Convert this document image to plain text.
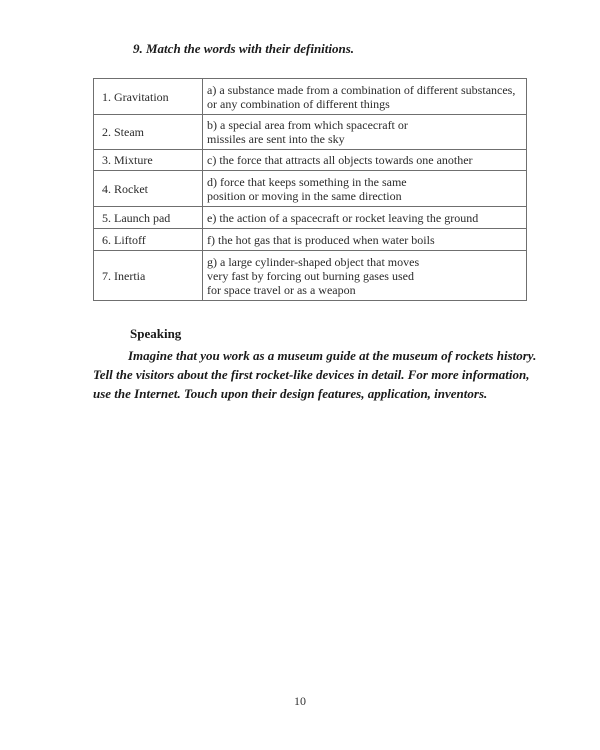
9. Match the words with their definitions.
1. Gravitation	a) a substance made from a combination of different substances,
or any combination of different things

2. Steam	b) a special area from which spacecraft or
missiles are sent into the sky

3. Mixture	c) the force that attracts all objects towards one another

4. Rocket	d) force that keeps something in the same
position or moving in the same direction

5. Launch pad	e) the action of a spacecraft or rocket leaving the ground

6. Liftoff	f) the hot gas that is produced when water boils

7. Inertia	g) a large cylinder-shaped object that moves
very fast by forcing out burning gases used
for space travel or as a weapon
Speaking

Imagine that you work as a museum guide at the museum of rockets history.
Tell the visitors about the first rocket-like devices in detail. For more information,
use the Internet. Touch upon their design features, application, inventors.

10
